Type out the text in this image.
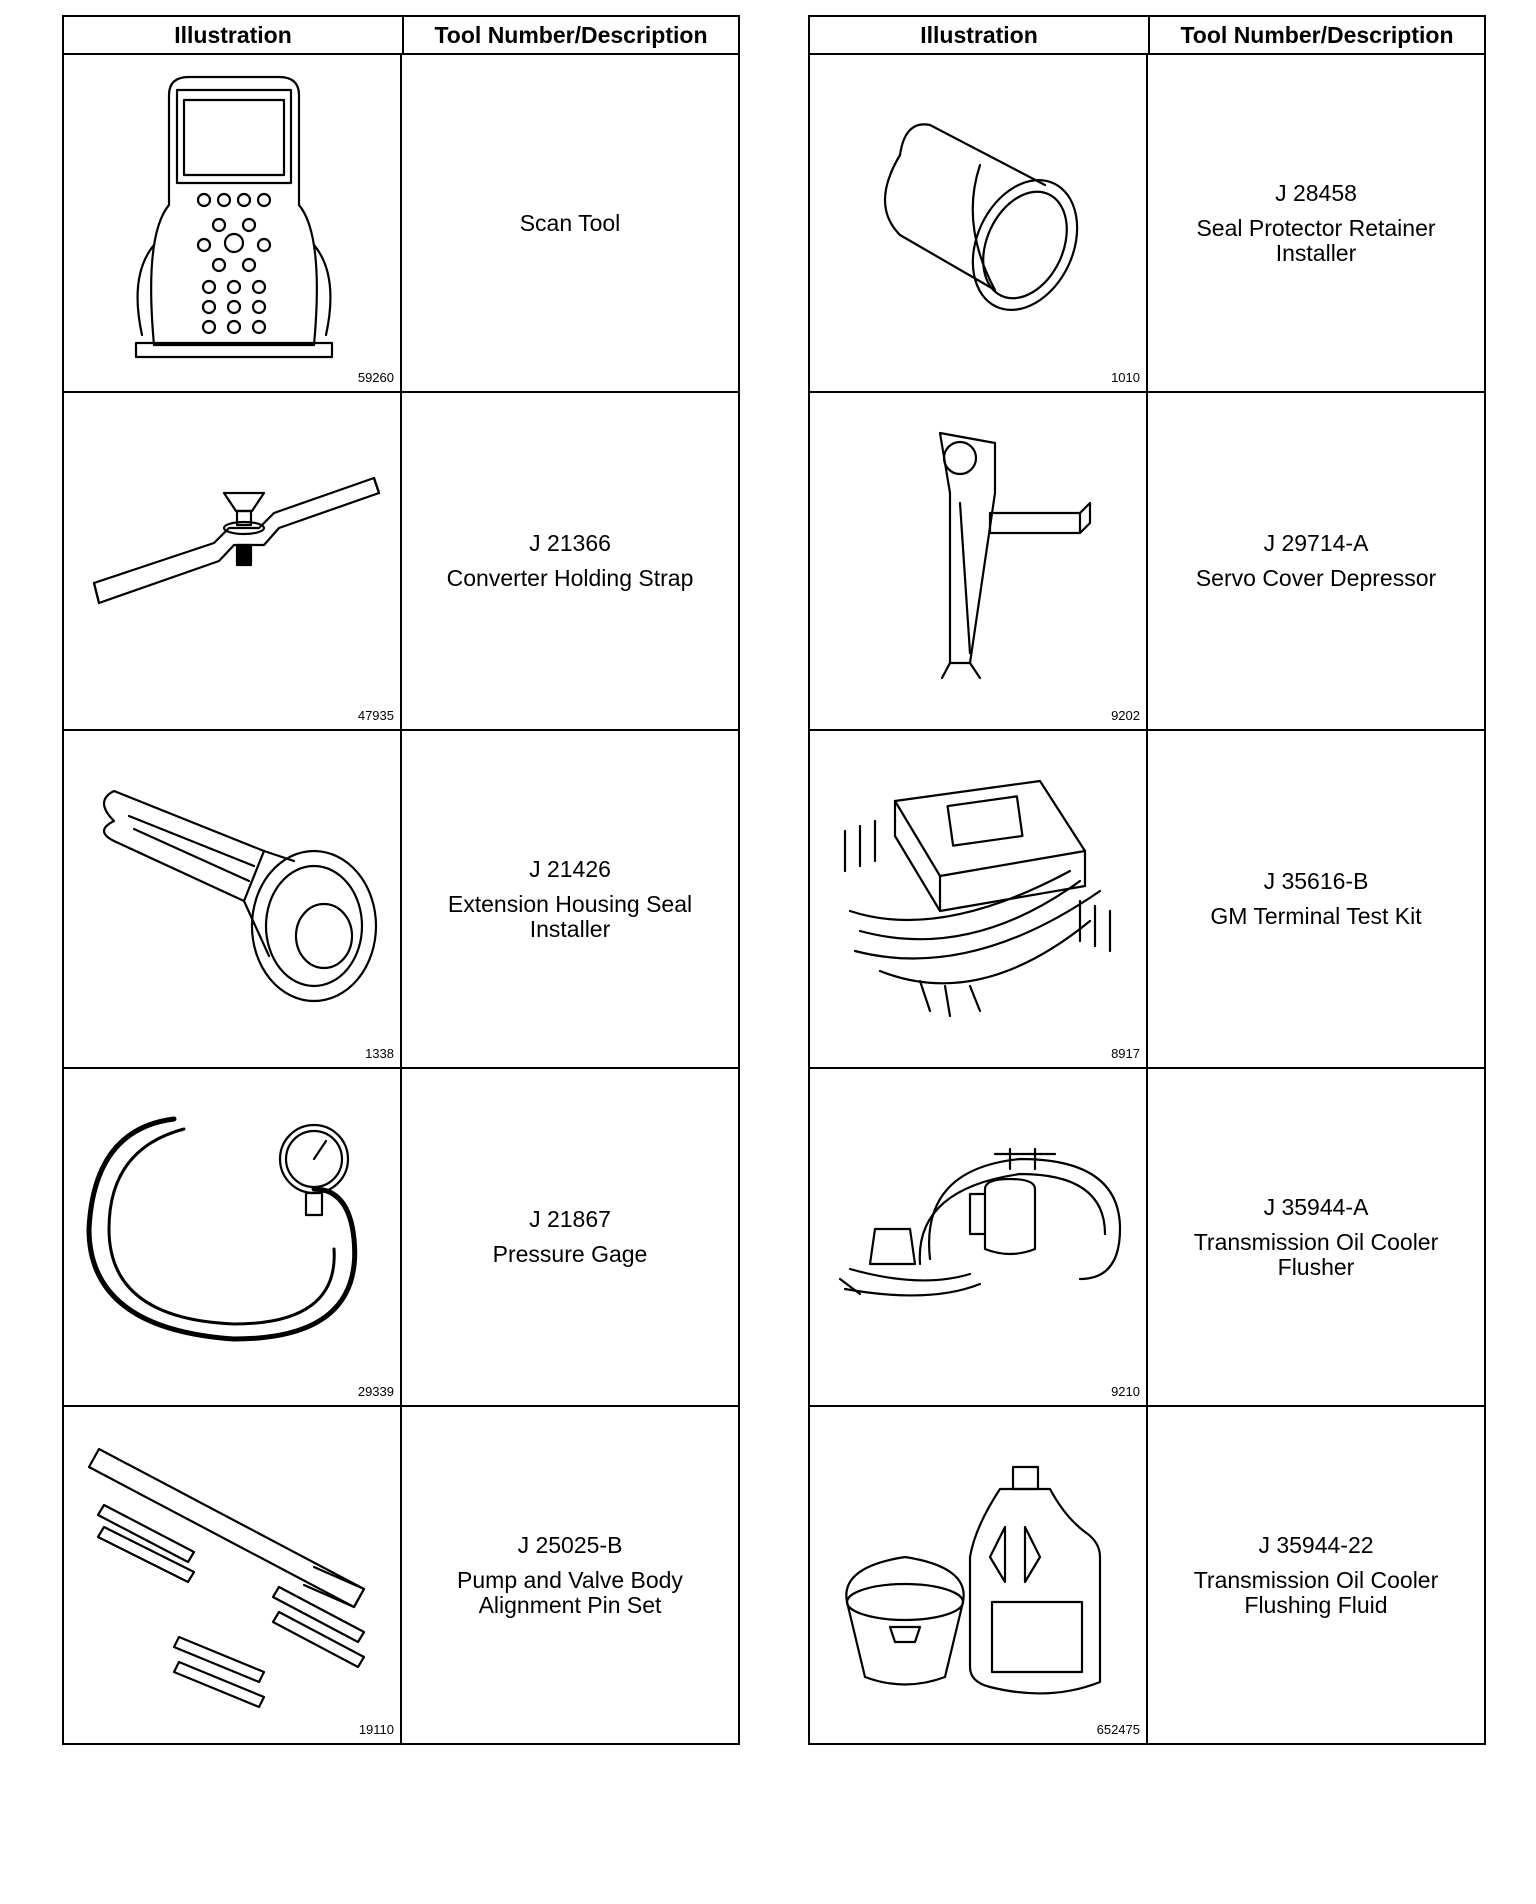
Illustration	Tool Number/Description
59260
Scan Tool
47935
J 21366
Converter Holding Strap
1338
J 21426
Extension Housing Seal
Installer
29339
J 21867
Pressure Gage
19110
J 25025-B
Pump and Valve Body
Alignment Pin Set
Illustration	Tool Number/Description
1010
J 28458
Seal Protector Retainer
Installer
9202
J 29714-A
Servo Cover Depressor
8917
J 35616-B
GM Terminal Test Kit
9210
J 35944-A
Transmission Oil Cooler
Flusher
652475
J 35944-22
Transmission Oil Cooler
Flushing Fluid
